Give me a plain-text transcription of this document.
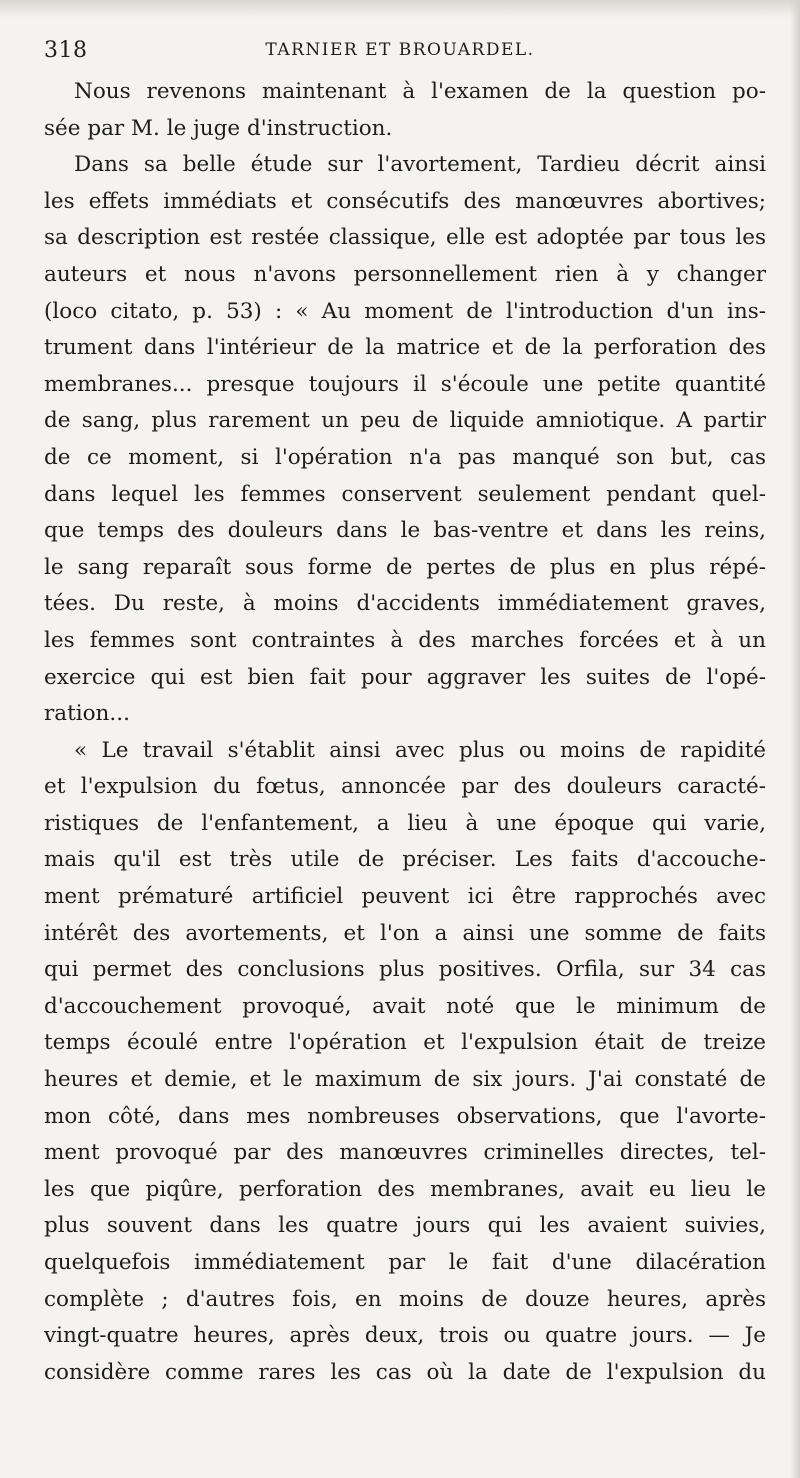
318	TARNIER ET BROUARDEL.
Nous revenons maintenant à l'examen de la question po-
sée par M. le juge d'instruction.
Dans sa belle étude sur l'avortement, Tardieu décrit ainsi
les effets immédiats et consécutifs des manœuvres abortives;
sa description est restée classique, elle est adoptée par tous les
auteurs et nous n'avons personnellement rien à y changer
(loco citato, p. 53) : « Au moment de l'introduction d'un ins-
trument dans l'intérieur de la matrice et de la perforation des
membranes... presque toujours il s'écoule une petite quantité
de sang, plus rarement un peu de liquide amniotique. A partir
de ce moment, si l'opération n'a pas manqué son but, cas
dans lequel les femmes conservent seulement pendant quel-
que temps des douleurs dans le bas-ventre et dans les reins,
le sang reparaît sous forme de pertes de plus en plus répé-
tées. Du reste, à moins d'accidents immédiatement graves,
les femmes sont contraintes à des marches forcées et à un
exercice qui est bien fait pour aggraver les suites de l'opé-
ration...
« Le travail s'établit ainsi avec plus ou moins de rapidité
et l'expulsion du fœtus, annoncée par des douleurs caracté-
ristiques de l'enfantement, a lieu à une époque qui varie,
mais qu'il est très utile de préciser. Les faits d'accouche-
ment prématuré artificiel peuvent ici être rapprochés avec
intérêt des avortements, et l'on a ainsi une somme de faits
qui permet des conclusions plus positives. Orfila, sur 34 cas
d'accouchement provoqué, avait noté que le minimum de
temps écoulé entre l'opération et l'expulsion était de treize
heures et demie, et le maximum de six jours. J'ai constaté de
mon côté, dans mes nombreuses observations, que l'avorte-
ment provoqué par des manœuvres criminelles directes, tel-
les que piqûre, perforation des membranes, avait eu lieu le
plus souvent dans les quatre jours qui les avaient suivies,
quelquefois immédiatement par le fait d'une dilacération
complète ; d'autres fois, en moins de douze heures, après
vingt-quatre heures, après deux, trois ou quatre jours. — Je
considère comme rares les cas où la date de l'expulsion du
